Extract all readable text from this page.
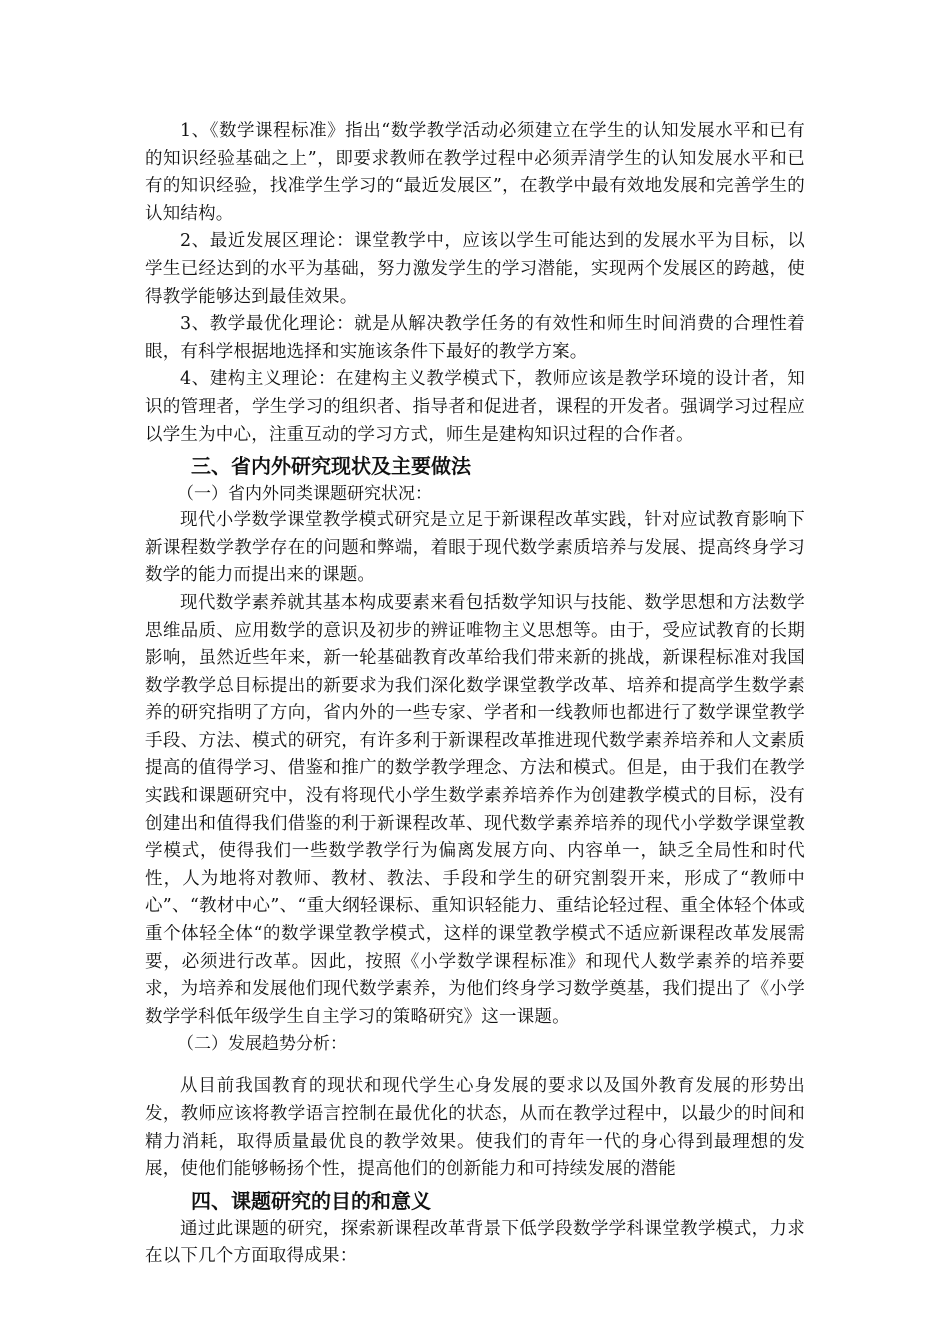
1、《数学课程标准》指出“数学教学活动必须建立在学生的认知发展水平和已有的知识经验基础之上”，即要求教师在教学过程中必须弄清学生的认知发展水平和已有的知识经验，找准学生学习的“最近发展区”，在教学中最有效地发展和完善学生的认知结构。

2、最近发展区理论：课堂教学中，应该以学生可能达到的发展水平为目标，以学生已经达到的水平为基础，努力激发学生的学习潜能，实现两个发展区的跨越，使得教学能够达到最佳效果。

3、教学最优化理论：就是从解决教学任务的有效性和师生时间消费的合理性着眼，有科学根据地选择和实施该条件下最好的教学方案。

4、建构主义理论：在建构主义教学模式下，教师应该是教学环境的设计者，知识的管理者，学生学习的组织者、指导者和促进者，课程的开发者。强调学习过程应以学生为中心，注重互动的学习方式，师生是建构知识过程的合作者。

三、省内外研究现状及主要做法

（一）省内外同类课题研究状况：

现代小学数学课堂教学模式研究是立足于新课程改革实践，针对应试教育影响下新课程数学教学存在的问题和弊端，着眼于现代数学素质培养与发展、提高终身学习数学的能力而提出来的课题。

现代数学素养就其基本构成要素来看包括数学知识与技能、数学思想和方法数学思维品质、应用数学的意识及初步的辨证唯物主义思想等。由于，受应试教育的长期影响，虽然近些年来，新一轮基础教育改革给我们带来新的挑战，新课程标准对我国数学教学总目标提出的新要求为我们深化数学课堂教学改革、培养和提高学生数学素养的研究指明了方向，省内外的一些专家、学者和一线教师也都进行了数学课堂教学手段、方法、模式的研究，有许多利于新课程改革推进现代数学素养培养和人文素质提高的值得学习、借鉴和推广的数学教学理念、方法和模式。但是，由于我们在教学实践和课题研究中，没有将现代小学生数学素养培养作为创建教学模式的目标，没有创建出和值得我们借鉴的利于新课程改革、现代数学素养培养的现代小学数学课堂教学模式，使得我们一些数学教学行为偏离发展方向、内容单一，缺乏全局性和时代性，人为地将对教师、教材、教法、手段和学生的研究割裂开来，形成了“教师中心”、“教材中心”、“重大纲轻课标、重知识轻能力、重结论轻过程、重全体轻个体或重个体轻全体“的数学课堂教学模式，这样的课堂教学模式不适应新课程改革发展需要，必须进行改革。因此，按照《小学数学课程标准》和现代人数学素养的培养要求，为培养和发展他们现代数学素养，为他们终身学习数学奠基，我们提出了《小学数学学科低年级学生自主学习的策略研究》这一课题。

（二）发展趋势分析：

从目前我国教育的现状和现代学生心身发展的要求以及国外教育发展的形势出发，教师应该将教学语言控制在最优化的状态，从而在教学过程中，以最少的时间和精力消耗，取得质量最优良的教学效果。使我们的青年一代的身心得到最理想的发展，使他们能够畅扬个性，提高他们的创新能力和可持续发展的潜能

四、课题研究的目的和意义

通过此课题的研究，探索新课程改革背景下低学段数学学科课堂教学模式，力求在以下几个方面取得成果：
